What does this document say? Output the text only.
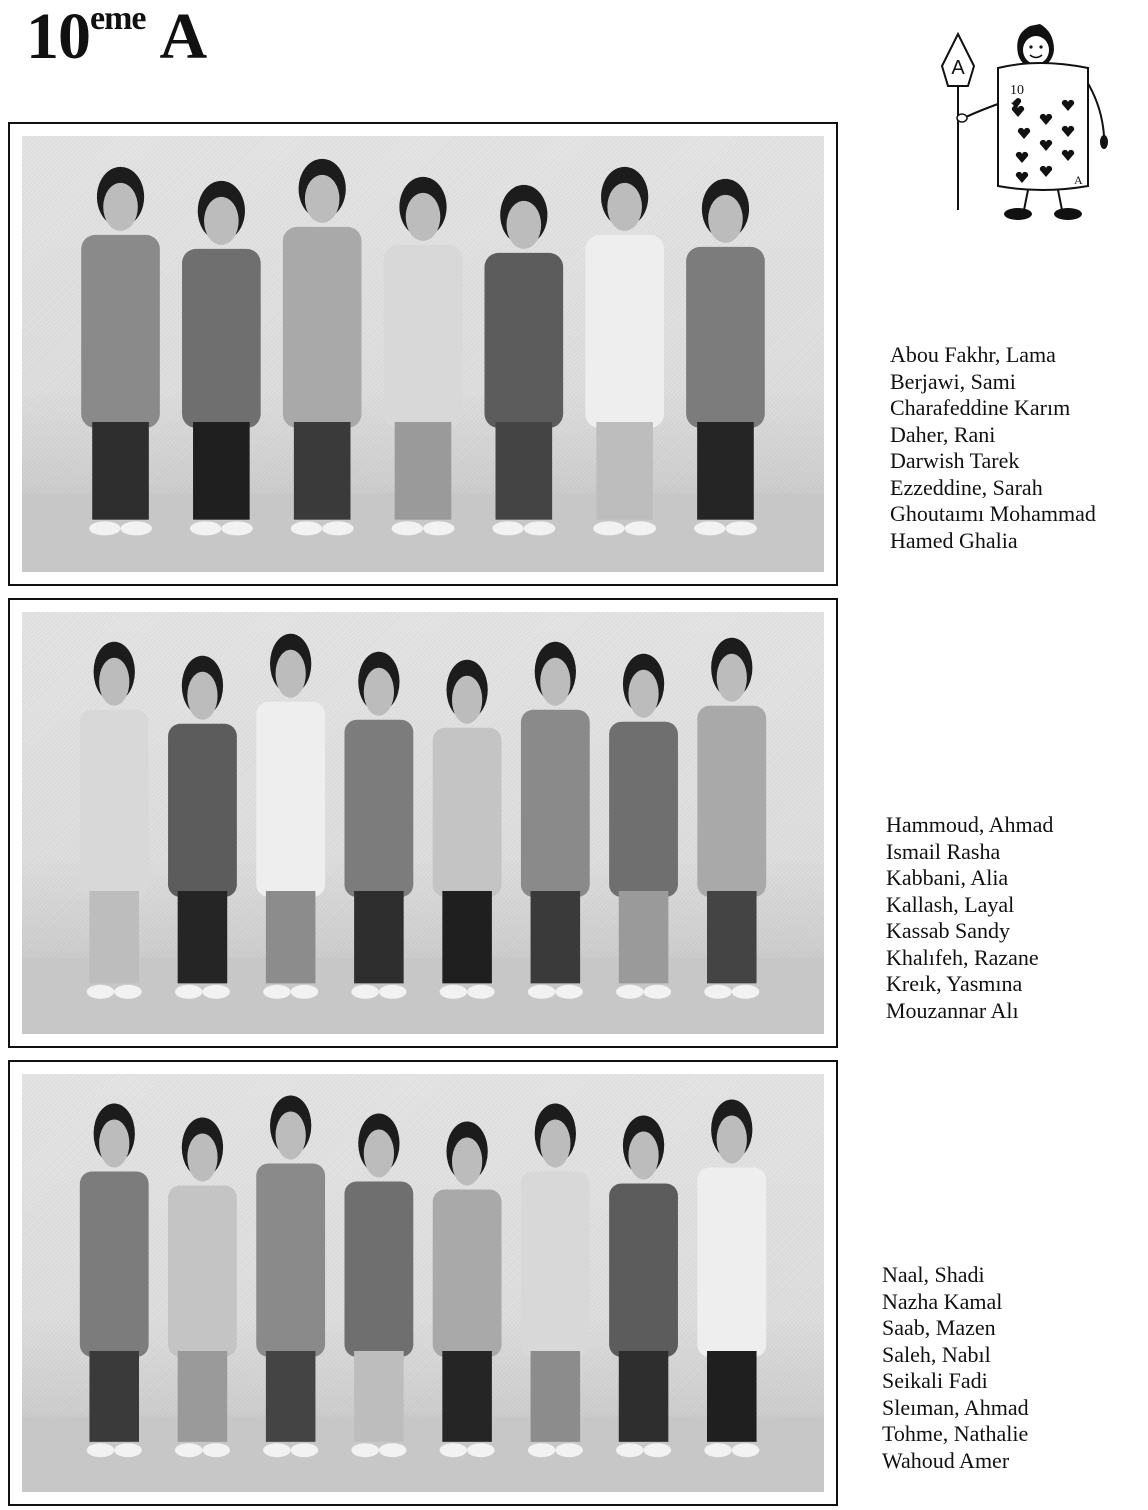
10eme A	A
10
A
Abou Fakhr, Lama
Berjawi, Sami
Charafeddine Karım
Daher, Rani
Darwish Tarek
Ezzeddine, Sarah
Ghoutaımı Mohammad
Hamed Ghalia
Hammoud, Ahmad
Ismail Rasha
Kabbani, Alia
Kallash, Layal
Kassab Sandy
Khalıfeh, Razane
Kreık, Yasmına
Mouzannar Alı
Naal, Shadi
Nazha Kamal
Saab, Mazen
Saleh, Nabıl
Seikali Fadi
Sleıman, Ahmad
Tohme, Nathalie
Wahoud Amer
